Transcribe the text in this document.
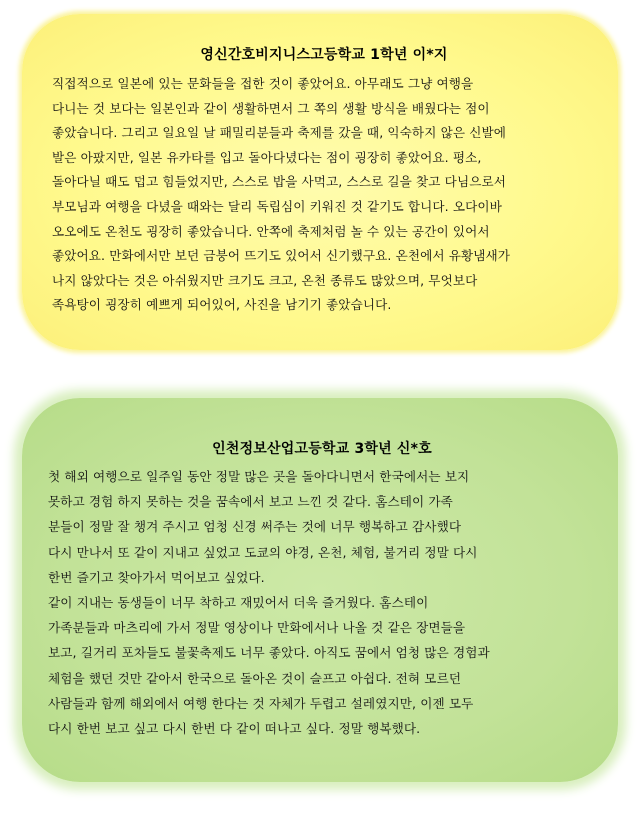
영신간호비지니스고등학교 1학년 이*지
직접적으로 일본에 있는 문화들을 접한 것이 좋았어요. 아무래도 그냥 여행을
다니는 것 보다는 일본인과 같이 생활하면서 그 쪽의 생활 방식을 배웠다는 점이
좋았습니다. 그리고 일요일 날 패밀리분들과 축제를 갔을 때, 익숙하지 않은 신발에
발은 아팠지만, 일본 유카타를 입고 돌아다녔다는 점이 굉장히 좋았어요. 평소,
돌아다닐 때도 덥고 힘들었지만, 스스로 밥을 사먹고, 스스로 길을 찾고 다님으로서
부모님과 여행을 다녔을 때와는 달리 독립심이 키워진 것 같기도 합니다. 오다이바
오오에도 온천도 굉장히 좋았습니다. 안쪽에 축제처럼 놀 수 있는 공간이 있어서
좋았어요. 만화에서만 보던 금붕어 뜨기도 있어서 신기했구요. 온천에서 유황냄새가
나지 않았다는 것은 아쉬웠지만 크기도 크고, 온천 종류도 많았으며, 무엇보다
족욕탕이 굉장히 예쁘게 되어있어, 사진을 남기기 좋았습니다.
인천정보산업고등학교 3학년 신*호
첫 해외 여행으로 일주일 동안 정말 많은 곳을 돌아다니면서 한국에서는 보지
못하고 경험 하지 못하는 것을 꿈속에서 보고 느낀 것 같다. 홈스테이 가족
분들이 정말 잘 챙겨 주시고 엄청 신경 써주는 것에 너무 행복하고 감사했다
다시 만나서 또 같이 지내고 싶었고 도쿄의 야경, 온천, 체험, 불거리 정말 다시
한번 즐기고 찾아가서 먹어보고 싶었다.
같이 지내는 동생들이 너무 착하고 재밌어서 더욱 즐거웠다. 홈스테이
가족분들과 마츠리에 가서 정말 영상이나 만화에서나 나올 것 같은 장면들을
보고, 길거리 포차들도 불꽃축제도 너무 좋았다. 아직도 꿈에서 엄청 많은 경험과
체험을 했던 것만 같아서 한국으로 돌아온 것이 슬프고 아쉽다. 전혀 모르던
사람들과 함께 해외에서 여행 한다는 것 자체가 두렵고 설레였지만, 이젠 모두
다시 한번 보고 싶고 다시 한번 다 같이 떠나고 싶다. 정말 행복했다.
